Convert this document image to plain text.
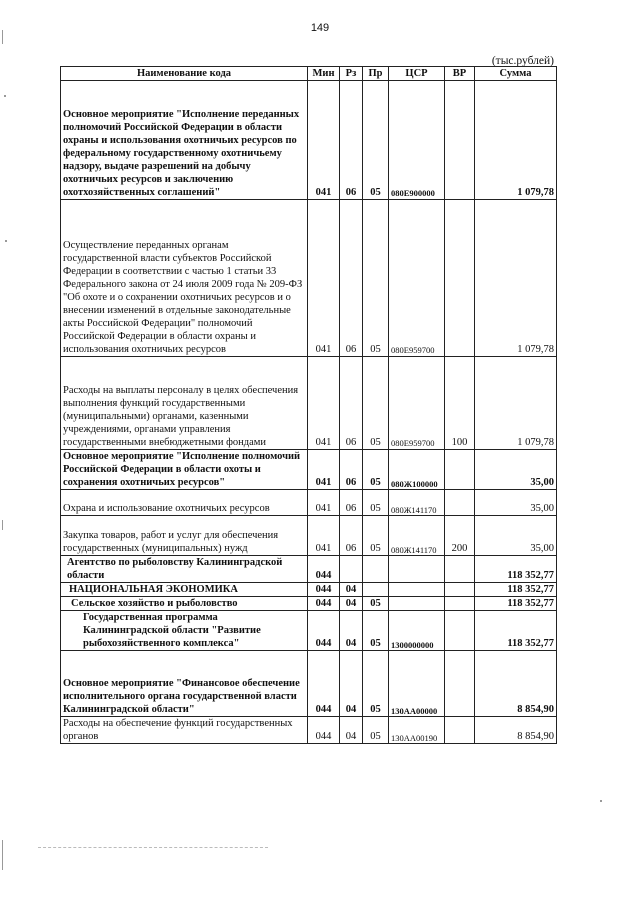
149
(тыс.рублей)
Наименование кода	Мин	Рз	Пр	ЦСР	ВР	Сумма
Основное мероприятие "Исполнение переданных полномочий Российской Федерации в области охраны и использования охотничьих ресурсов по федеральному государственному охотничьему надзору, выдаче разрешений на добычу охотничьих ресурсов и заключению охотхозяйственных соглашений"	041	06	05	080Е900000		1 079,78
Осуществление переданных органам государственной власти субъектов Российской Федерации в соответствии с частью 1 статьи 33 Федерального закона от 24 июля 2009 года № 209-ФЗ "Об охоте и о сохранении охотничьих ресурсов и о внесении изменений в отдельные законодательные акты Российской Федерации" полномочий Российской Федерации в области охраны и использования охотничьих ресурсов	041	06	05	080Е959700		1 079,78
Расходы на выплаты персоналу в целях обеспечения выполнения функций государственными (муниципальными) органами, казенными учреждениями, органами управления государственными внебюджетными фондами	041	06	05	080Е959700	100	1 079,78
Основное мероприятие "Исполнение полномочий Российской Федерации в области охоты и сохранения охотничьих ресурсов"	041	06	05	080Ж100000		35,00
Охрана и использование охотничьих ресурсов	041	06	05	080Ж141170		35,00
Закупка товаров, работ и услуг для обеспечения государственных (муниципальных) нужд	041	06	05	080Ж141170	200	35,00
Агентство по рыболовству Калининградской области	044					118 352,77
НАЦИОНАЛЬНАЯ ЭКОНОМИКА	044	04				118 352,77
Сельское хозяйство и рыболовство	044	04	05			118 352,77
Государственная программа Калининградской области "Развитие рыбохозяйственного комплекса"	044	04	05	1300000000		118 352,77
Основное мероприятие "Финансовое обеспечение исполнительного органа государственной власти Калининградской области"	044	04	05	130АА00000		8 854,90
Расходы на обеспечение функций государственных органов	044	04	05	130АА00190		8 854,90
